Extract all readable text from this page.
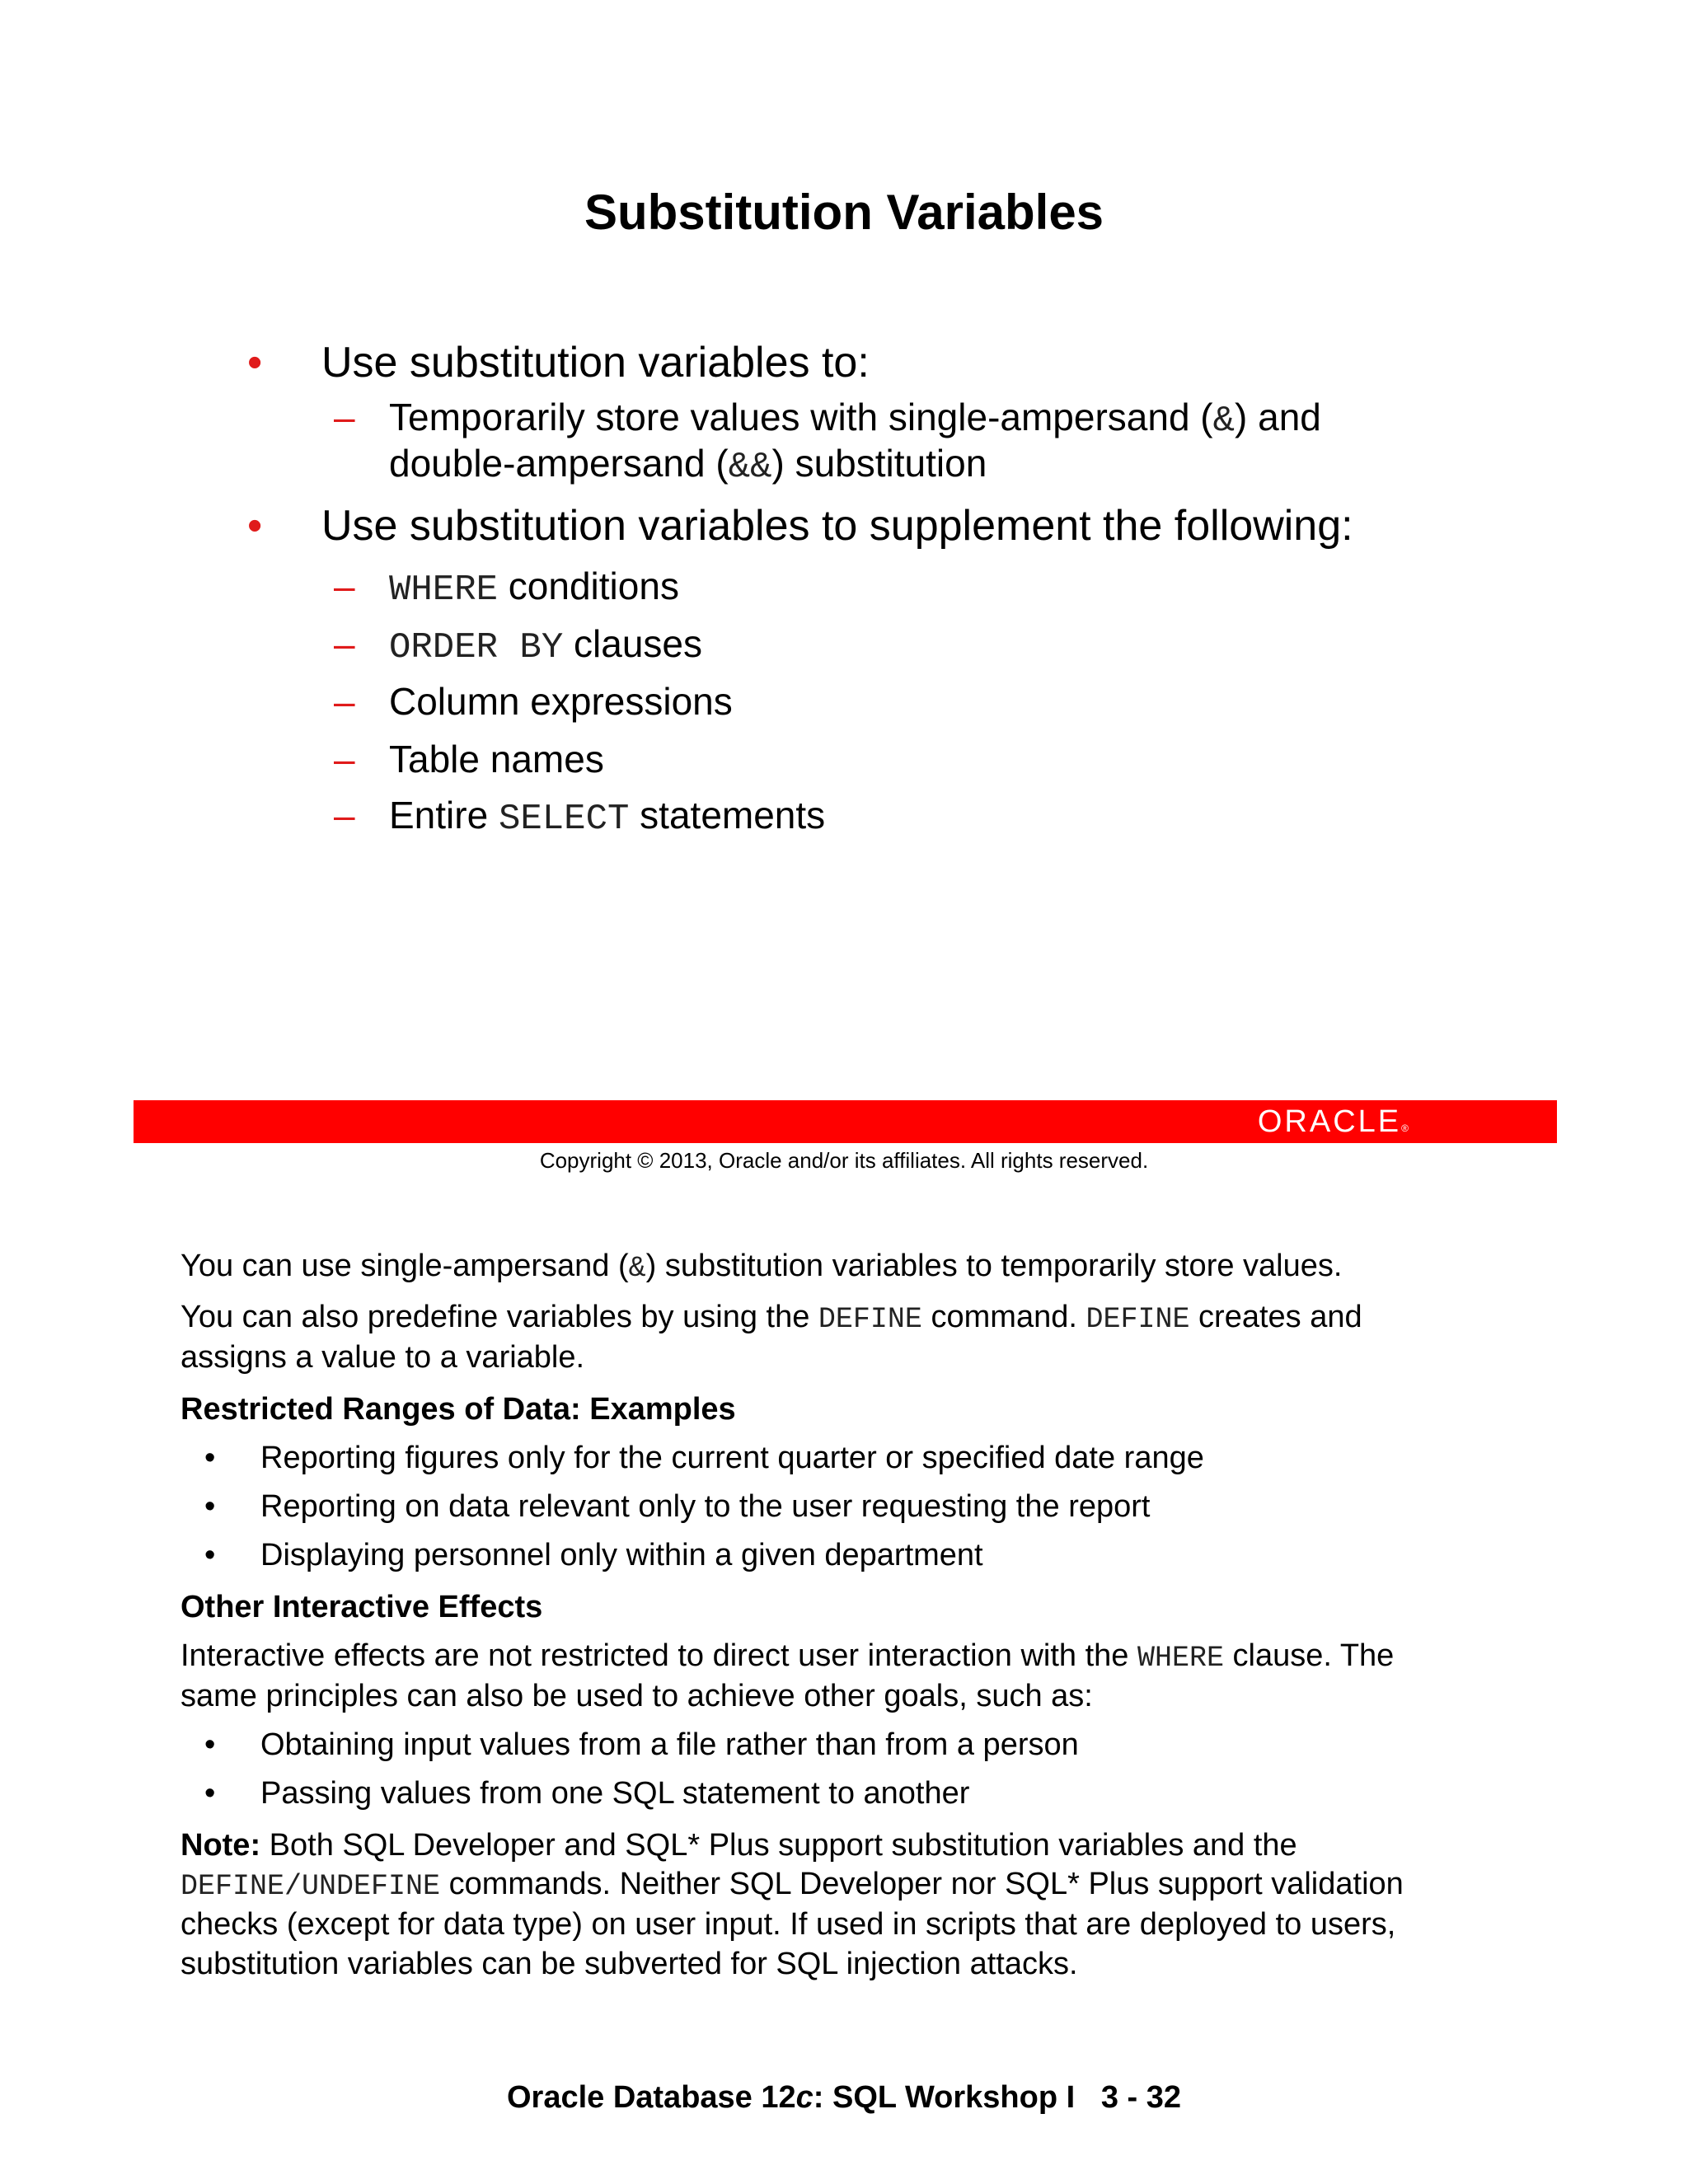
Substitution Variables
• Use substitution variables to:
– Temporarily store values with single-ampersand (&) and
double-ampersand (&&) substitution
• Use substitution variables to supplement the following:
– WHERE conditions
– ORDER BY clauses
– Column expressions
– Table names
– Entire SELECT statements
ORACLE®
Copyright © 2013, Oracle and/or its affiliates. All rights reserved.
You can use single-ampersand (&) substitution variables to temporarily store values.
You can also predefine variables by using the DEFINE command. DEFINE creates and
assigns a value to a variable.
Restricted Ranges of Data: Examples
• Reporting figures only for the current quarter or specified date range
• Reporting on data relevant only to the user requesting the report
• Displaying personnel only within a given department
Other Interactive Effects
Interactive effects are not restricted to direct user interaction with the WHERE clause. The
same principles can also be used to achieve other goals, such as:
• Obtaining input values from a file rather than from a person
• Passing values from one SQL statement to another
Note: Both SQL Developer and SQL* Plus support substitution variables and the
DEFINE/UNDEFINE commands. Neither SQL Developer nor SQL* Plus support validation
checks (except for data type) on user input. If used in scripts that are deployed to users,
substitution variables can be subverted for SQL injection attacks.
Oracle Database 12c: SQL Workshop I   3 - 32
